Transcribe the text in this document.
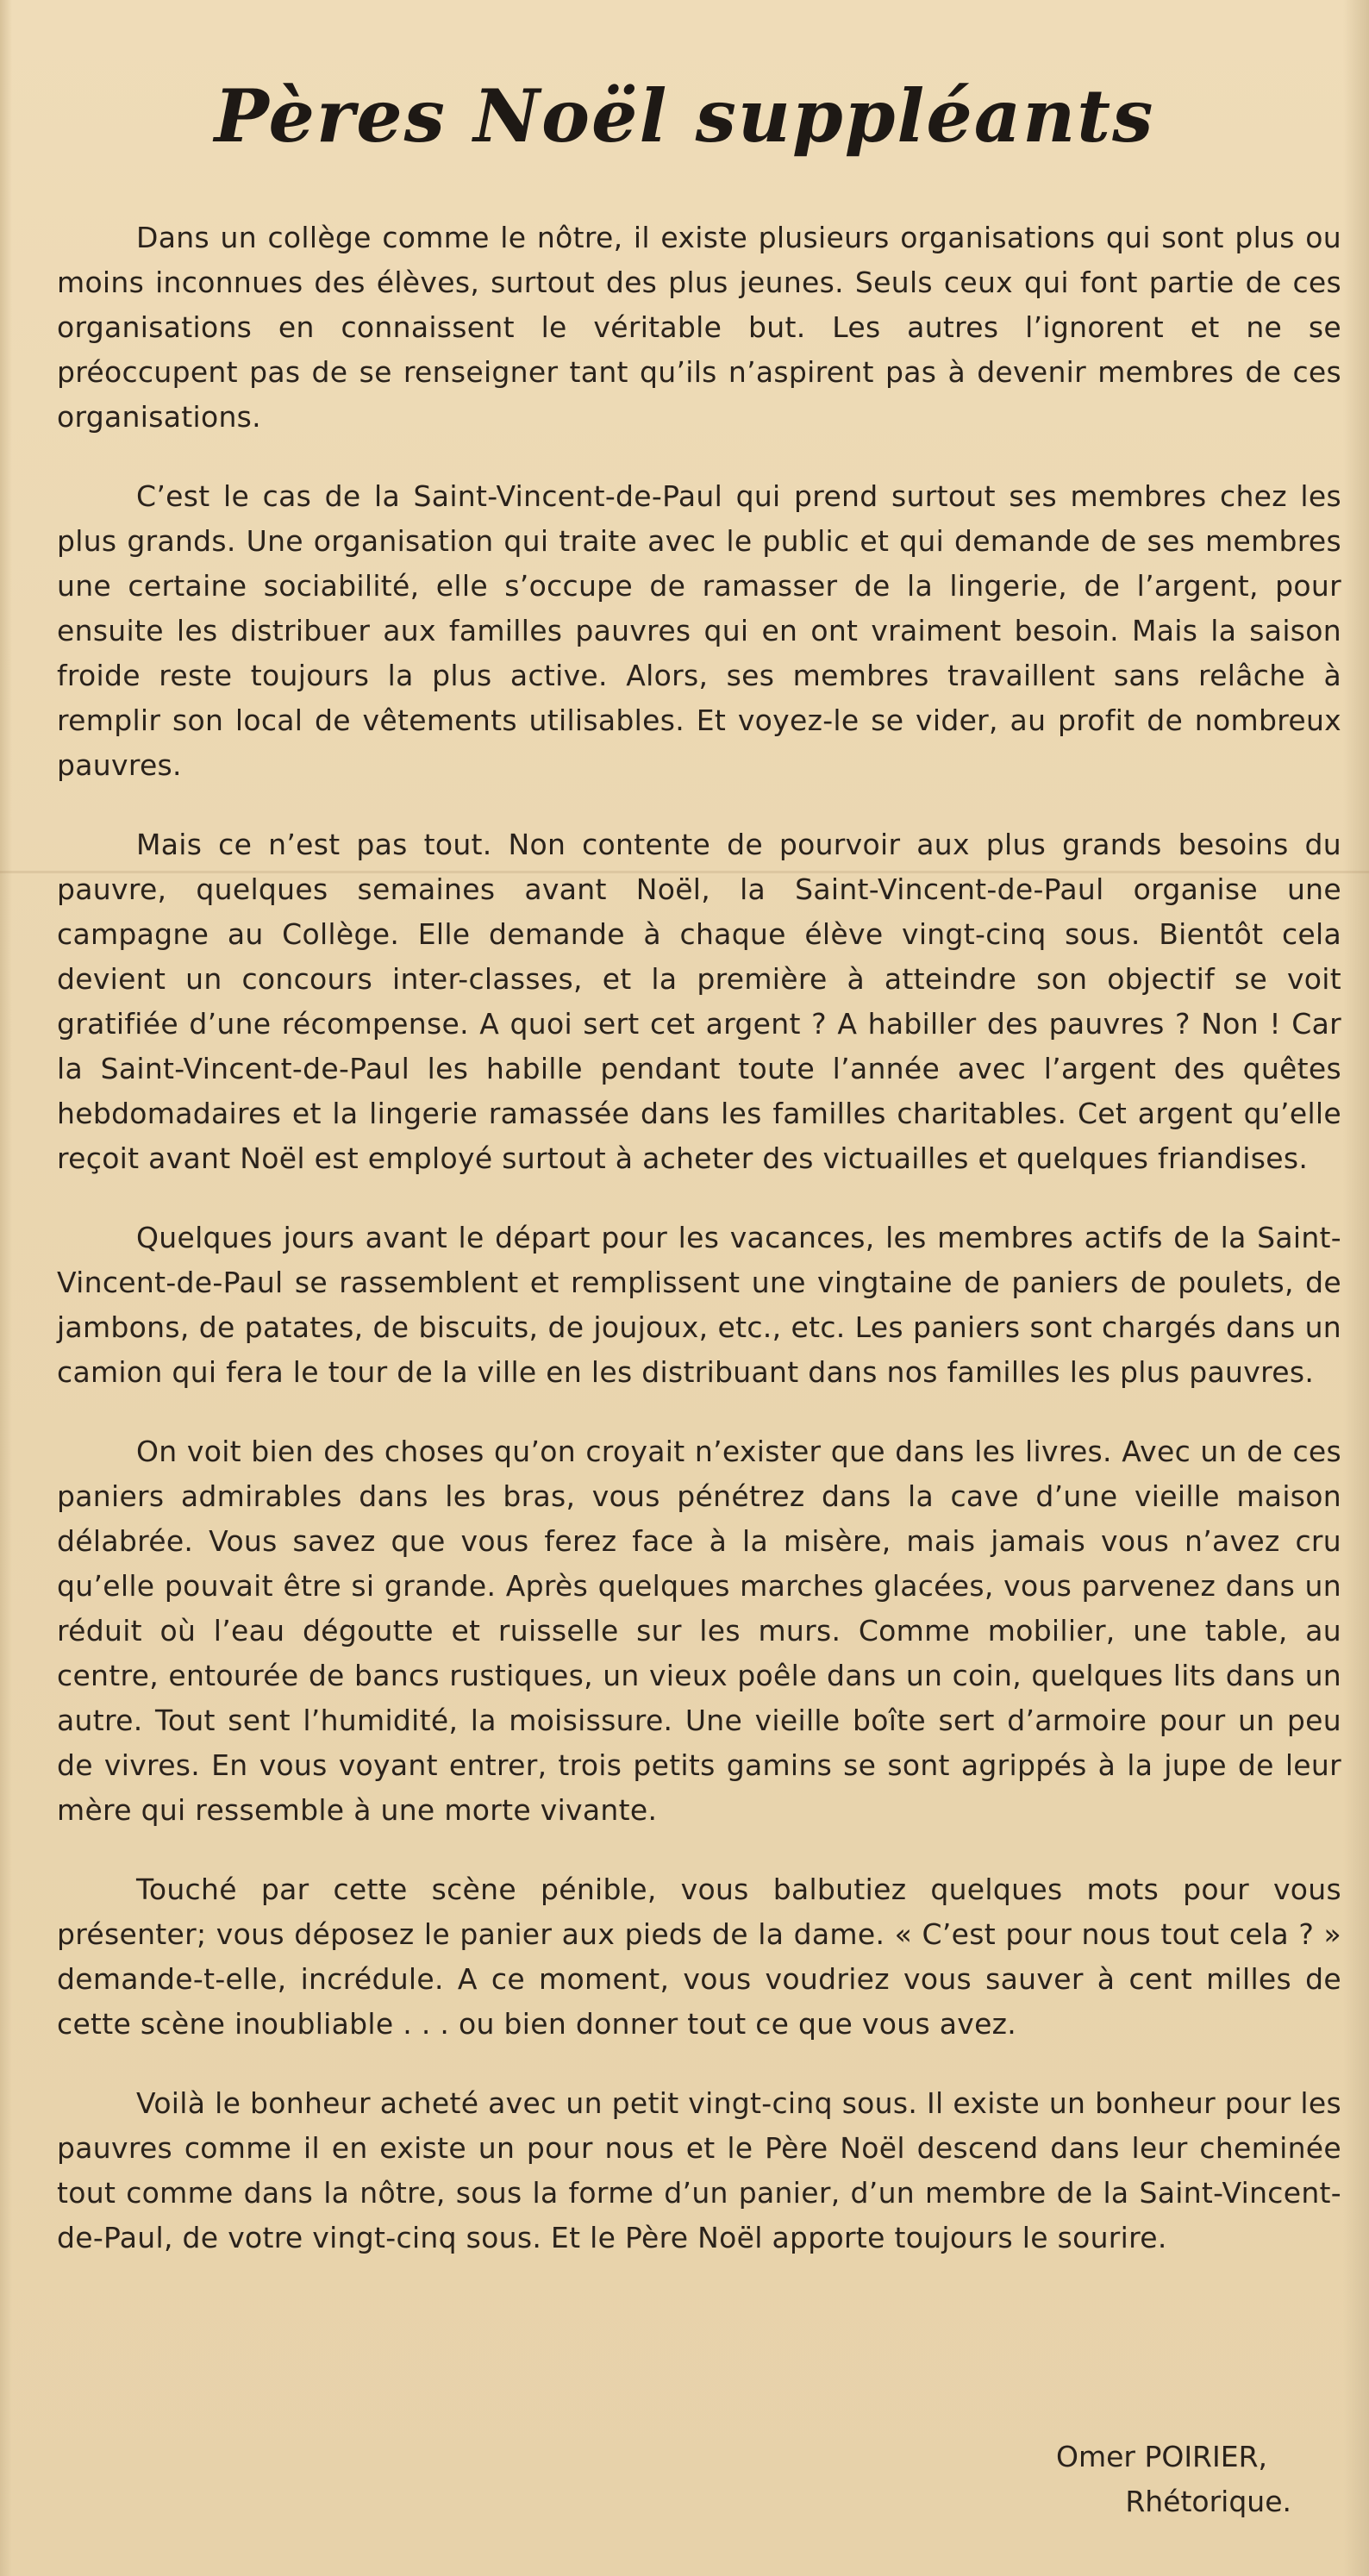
Pères Noël suppléants

Dans un collège comme le nôtre, il existe plusieurs organisations qui sont plus ou moins inconnues des élèves, surtout des plus jeunes. Seuls ceux qui font partie de ces organisations en connaissent le véritable but. Les autres l’ignorent et ne se préoccupent pas de se renseigner tant qu’ils n’aspirent pas à devenir membres de ces organisations.

C’est le cas de la Saint-Vincent-de-Paul qui prend surtout ses membres chez les plus grands. Une organisation qui traite avec le public et qui demande de ses membres une certaine sociabilité, elle s’occupe de ramasser de la lingerie, de l’argent, pour ensuite les distribuer aux familles pauvres qui en ont vraiment besoin. Mais la saison froide reste toujours la plus active. Alors, ses membres travaillent sans relâche à remplir son local de vêtements utilisables. Et voyez-le se vider, au profit de nombreux pauvres.

Mais ce n’est pas tout. Non contente de pourvoir aux plus grands besoins du pauvre, quelques semaines avant Noël, la Saint-Vincent-de-Paul organise une campagne au Collège. Elle demande à chaque élève vingt-cinq sous. Bientôt cela devient un concours inter-classes, et la première à atteindre son objectif se voit gratifiée d’une récompense. A quoi sert cet argent ? A habiller des pauvres ? Non ! Car la Saint-Vincent-de-Paul les habille pendant toute l’année avec l’argent des quêtes hebdomadaires et la lingerie ramassée dans les familles charitables. Cet argent qu’elle reçoit avant Noël est employé surtout à acheter des victuailles et quelques friandises.

Quelques jours avant le départ pour les vacances, les membres actifs de la Saint-Vincent-de-Paul se rassemblent et remplissent une vingtaine de paniers de poulets, de jambons, de patates, de biscuits, de joujoux, etc., etc. Les paniers sont chargés dans un camion qui fera le tour de la ville en les distribuant dans nos familles les plus pauvres.

On voit bien des choses qu’on croyait n’exister que dans les livres. Avec un de ces paniers admirables dans les bras, vous pénétrez dans la cave d’une vieille maison délabrée. Vous savez que vous ferez face à la misère, mais jamais vous n’avez cru qu’elle pouvait être si grande. Après quelques marches glacées, vous parvenez dans un réduit où l’eau dégoutte et ruisselle sur les murs. Comme mobilier, une table, au centre, entourée de bancs rustiques, un vieux poêle dans un coin, quelques lits dans un autre. Tout sent l’humidité, la moisissure. Une vieille boîte sert d’armoire pour un peu de vivres. En vous voyant entrer, trois petits gamins se sont agrippés à la jupe de leur mère qui ressemble à une morte vivante.

Touché par cette scène pénible, vous balbutiez quelques mots pour vous présenter; vous déposez le panier aux pieds de la dame. « C’est pour nous tout cela ? » demande-t-elle, incrédule. A ce moment, vous voudriez vous sauver à cent milles de cette scène inoubliable . . . ou bien donner tout ce que vous avez.

Voilà le bonheur acheté avec un petit vingt-cinq sous. Il existe un bonheur pour les pauvres comme il en existe un pour nous et le Père Noël descend dans leur cheminée tout comme dans la nôtre, sous la forme d’un panier, d’un membre de la Saint-Vincent-de-Paul, de votre vingt-cinq sous. Et le Père Noël apporte toujours le sourire.

Omer POIRIER,
Rhétorique.
